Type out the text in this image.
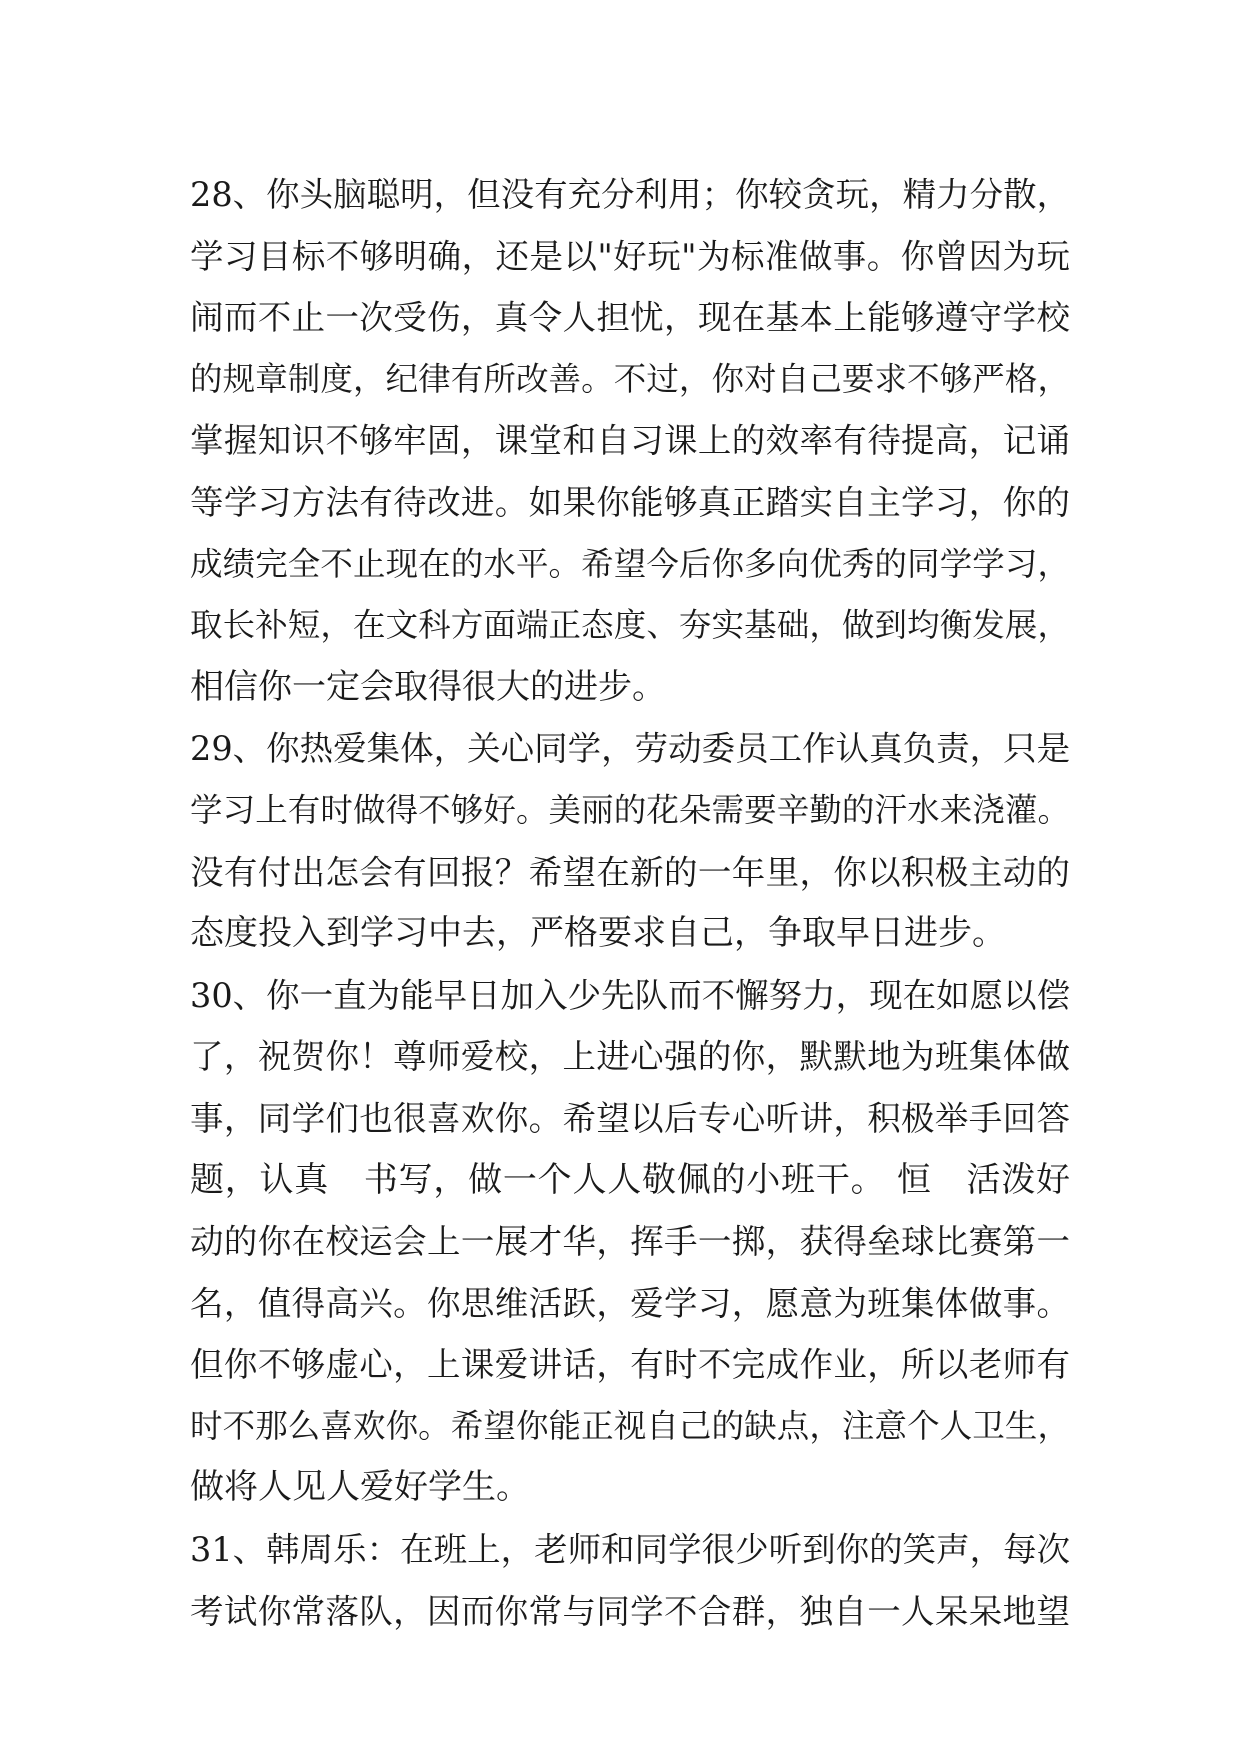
28、你头脑聪明，但没有充分利用；你较贪玩，精力分散，
学习目标不够明确，还是以"好玩"为标准做事。你曾因为玩
闹而不止一次受伤，真令人担忧，现在基本上能够遵守学校
的规章制度，纪律有所改善。不过，你对自己要求不够严格，
掌握知识不够牢固，课堂和自习课上的效率有待提高，记诵
等学习方法有待改进。如果你能够真正踏实自主学习，你的
成绩完全不止现在的水平。希望今后你多向优秀的同学学习，
取长补短，在文科方面端正态度、夯实基础，做到均衡发展，
相信你一定会取得很大的进步。
29、你热爱集体，关心同学，劳动委员工作认真负责，只是
学习上有时做得不够好。美丽的花朵需要辛勤的汗水来浇灌。
没有付出怎会有回报？希望在新的一年里，你以积极主动的
态度投入到学习中去，严格要求自己，争取早日进步。
30、你一直为能早日加入少先队而不懈努力，现在如愿以偿
了，祝贺你！尊师爱校，上进心强的你，默默地为班集体做
事，同学们也很喜欢你。希望以后专心听讲，积极举手回答
题，认真　书写，做一个人人敬佩的小班干。 恒　活泼好
动的你在校运会上一展才华，挥手一掷，获得垒球比赛第一
名，值得高兴。你思维活跃，爱学习，愿意为班集体做事。
但你不够虚心，上课爱讲话，有时不完成作业，所以老师有
时不那么喜欢你。希望你能正视自己的缺点，注意个人卫生，
做将人见人爱好学生。
31、韩周乐：在班上，老师和同学很少听到你的笑声，每次
考试你常落队，因而你常与同学不合群，独自一人呆呆地望
